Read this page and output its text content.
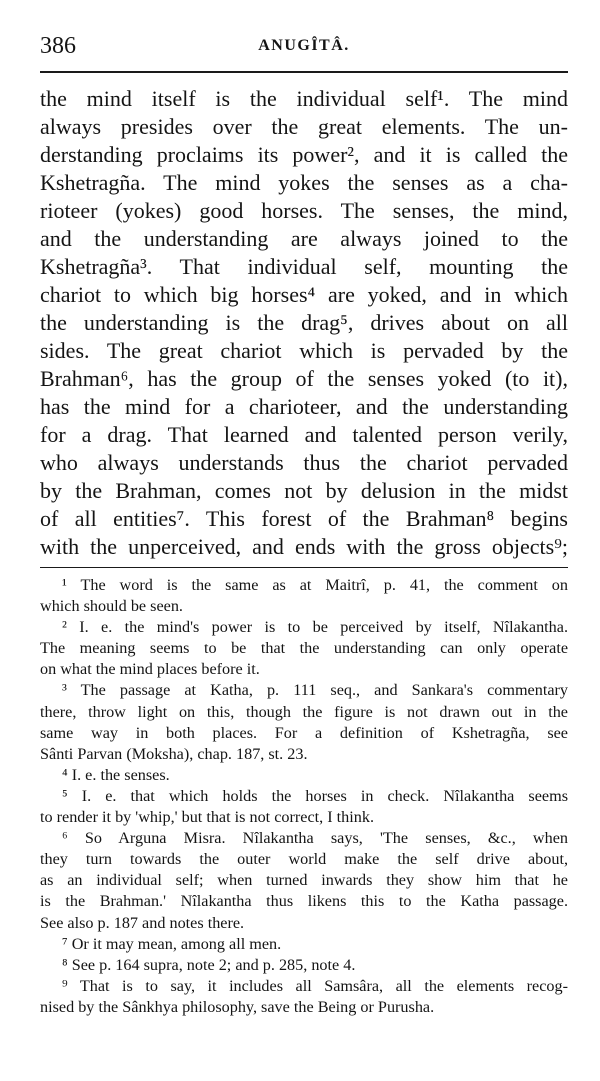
386	ANUGÎTÂ.
the mind itself is the individual self¹. The mind
always presides over the great elements. The un-
derstanding proclaims its power², and it is called the
Kshetragña. The mind yokes the senses as a cha-
rioteer (yokes) good horses. The senses, the mind,
and the understanding are always joined to the
Kshetragña³. That individual self, mounting the
chariot to which big horses⁴ are yoked, and in which
the understanding is the drag⁵, drives about on all
sides. The great chariot which is pervaded by the
Brahman⁶, has the group of the senses yoked (to it),
has the mind for a charioteer, and the understanding
for a drag. That learned and talented person verily,
who always understands thus the chariot pervaded
by the Brahman, comes not by delusion in the midst
of all entities⁷. This forest of the Brahman⁸ begins
with the unperceived, and ends with the gross objects⁹;
¹ The word is the same as at Maitrî, p. 41, the comment on
which should be seen.
² I. e. the mind's power is to be perceived by itself, Nîlakantha.
The meaning seems to be that the understanding can only operate
on what the mind places before it.
³ The passage at Katha, p. 111 seq., and Sankara's commentary
there, throw light on this, though the figure is not drawn out in the
same way in both places. For a definition of Kshetragña, see
Sânti Parvan (Moksha), chap. 187, st. 23.
⁴ I. e. the senses.
⁵ I. e. that which holds the horses in check. Nîlakantha seems
to render it by 'whip,' but that is not correct, I think.
⁶ So Arguna Misra. Nîlakantha says, 'The senses, &c., when
they turn towards the outer world make the self drive about,
as an individual self; when turned inwards they show him that he
is the Brahman.' Nîlakantha thus likens this to the Katha passage.
See also p. 187 and notes there.
⁷ Or it may mean, among all men.
⁸ See p. 164 supra, note 2; and p. 285, note 4.
⁹ That is to say, it includes all Samsâra, all the elements recog-
nised by the Sânkhya philosophy, save the Being or Purusha.
